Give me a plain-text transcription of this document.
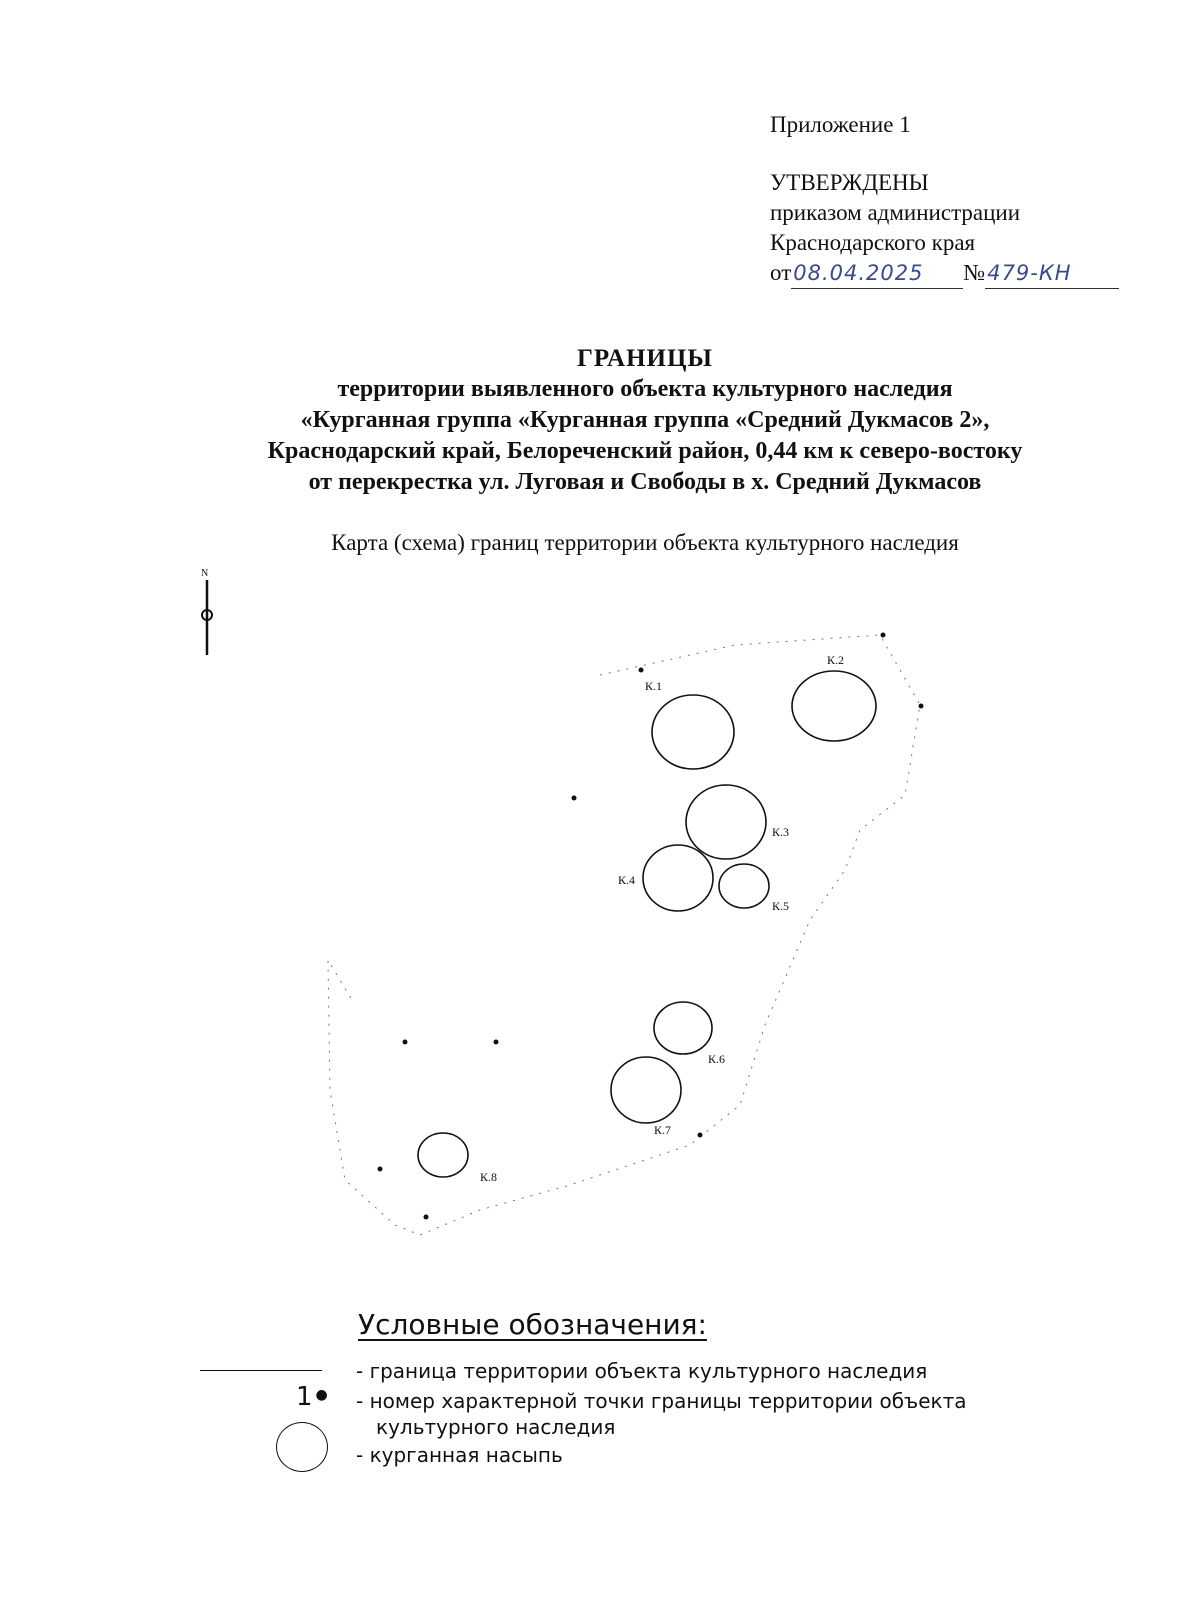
Приложение 1
УТВЕРЖДЕНЫ
приказом администрации
Краснодарского края
от 08.04.2025	№ 479-КН
ГРАНИЦЫ
территории выявленного объекта культурного наследия
«Курганная группа «Курганная группа «Средний Дукмасов 2»,
Краснодарский край, Белореченский район, 0,44 км к северо-востоку
от перекрестка ул. Луговая и Свободы в х. Средний Дукмасов
Карта (схема) границ территории объекта культурного наследия
N
К.1
К.2
К.3
К.4
К.5
К.6
К.7
К.8
Условные обозначения:
- граница территории объекта культурного наследия
1 ● - номер характерной точки границы территории объекта
культурного наследия
- курганная насыпь
